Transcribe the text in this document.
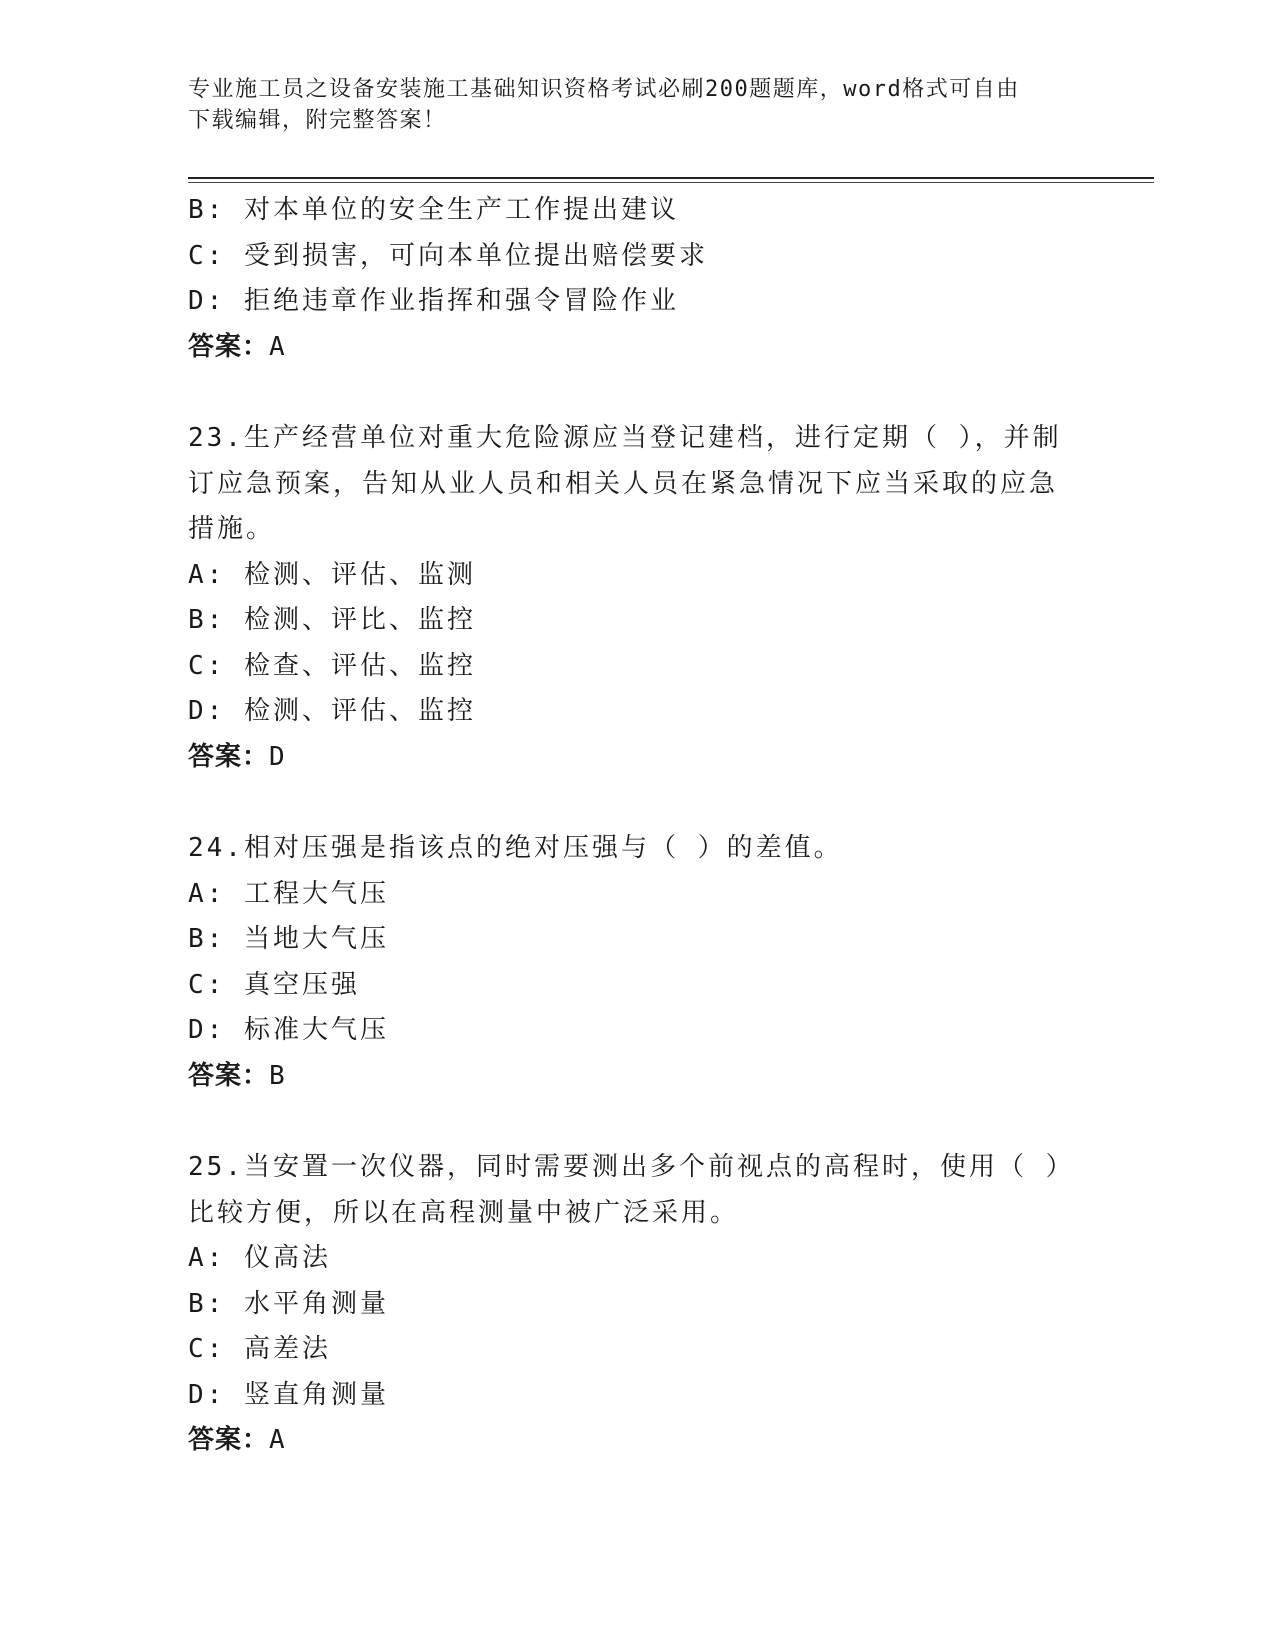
专业施工员之设备安装施工基础知识资格考试必刷200题题库，word格式可自由
下载编辑，附完整答案！
B: 对本单位的安全生产工作提出建议
C: 受到损害，可向本单位提出赔偿要求
D: 拒绝违章作业指挥和强令冒险作业
答案：A
23.生产经营单位对重大危险源应当登记建档，进行定期（ ），并制订应急预案，告知从业人员和相关人员在紧急情况下应当采取的应急措施。
A: 检测、评估、监测
B: 检测、评比、监控
C: 检查、评估、监控
D: 检测、评估、监控
答案：D
24.相对压强是指该点的绝对压强与（ ）的差值。
A: 工程大气压
B: 当地大气压
C: 真空压强
D: 标准大气压
答案：B
25.当安置一次仪器，同时需要测出多个前视点的高程时，使用（ ）比较方便，所以在高程测量中被广泛采用。
A: 仪高法
B: 水平角测量
C: 高差法
D: 竖直角测量
答案：A
